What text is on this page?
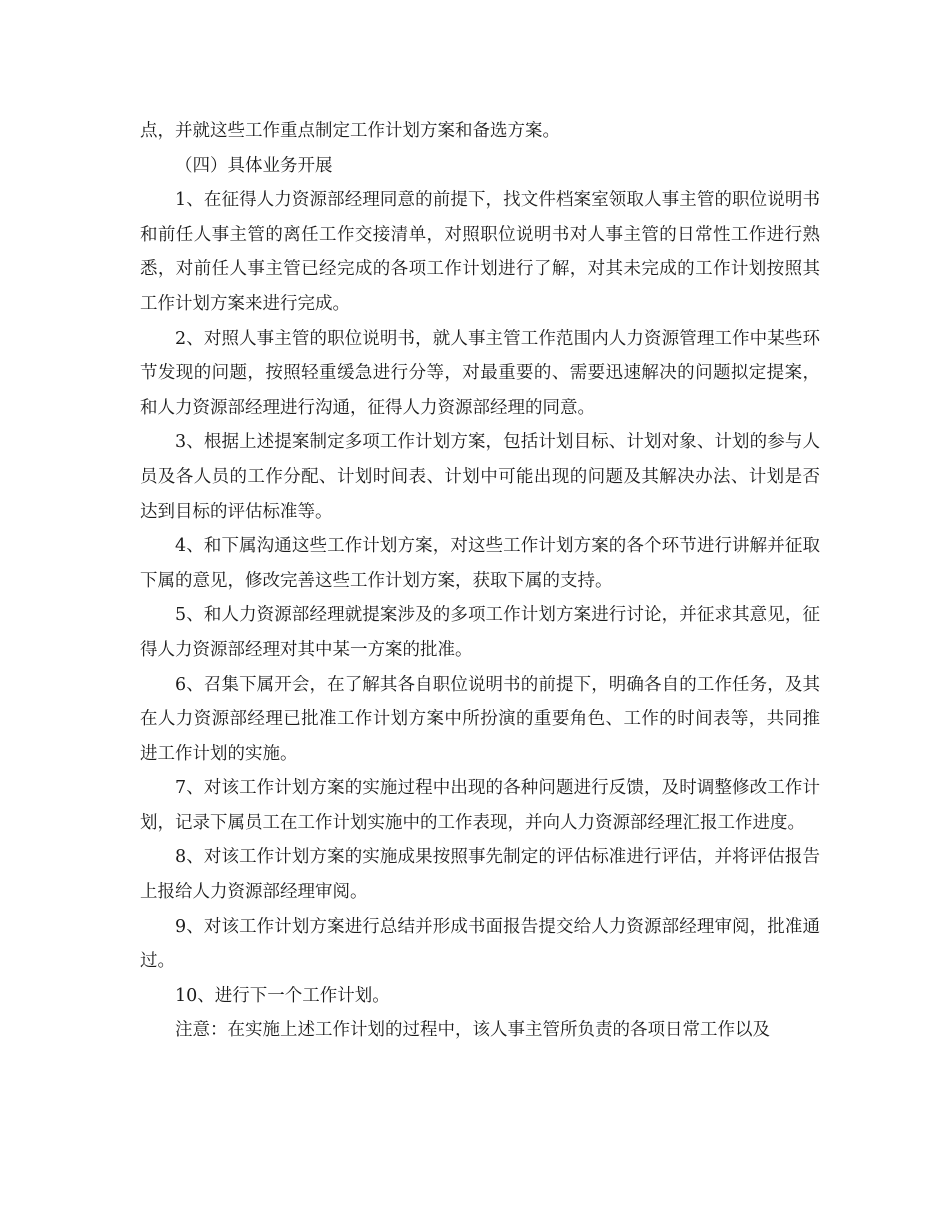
点，并就这些工作重点制定工作计划方案和备选方案。

（四）具体业务开展

1、在征得人力资源部经理同意的前提下，找文件档案室领取人事主管的职位说明书和前任人事主管的离任工作交接清单，对照职位说明书对人事主管的日常性工作进行熟悉，对前任人事主管已经完成的各项工作计划进行了解，对其未完成的工作计划按照其工作计划方案来进行完成。

2、对照人事主管的职位说明书，就人事主管工作范围内人力资源管理工作中某些环节发现的问题，按照轻重缓急进行分等，对最重要的、需要迅速解决的问题拟定提案，和人力资源部经理进行沟通，征得人力资源部经理的同意。

3、根据上述提案制定多项工作计划方案，包括计划目标、计划对象、计划的参与人员及各人员的工作分配、计划时间表、计划中可能出现的问题及其解决办法、计划是否达到目标的评估标准等。

4、和下属沟通这些工作计划方案，对这些工作计划方案的各个环节进行讲解并征取下属的意见，修改完善这些工作计划方案，获取下属的支持。

5、和人力资源部经理就提案涉及的多项工作计划方案进行讨论，并征求其意见，征得人力资源部经理对其中某一方案的批准。

6、召集下属开会，在了解其各自职位说明书的前提下，明确各自的工作任务，及其在人力资源部经理已批准工作计划方案中所扮演的重要角色、工作的时间表等，共同推进工作计划的实施。

7、对该工作计划方案的实施过程中出现的各种问题进行反馈，及时调整修改工作计划，记录下属员工在工作计划实施中的工作表现，并向人力资源部经理汇报工作进度。

8、对该工作计划方案的实施成果按照事先制定的评估标准进行评估，并将评估报告上报给人力资源部经理审阅。

9、对该工作计划方案进行总结并形成书面报告提交给人力资源部经理审阅，批准通过。

10、进行下一个工作计划。

注意：在实施上述工作计划的过程中，该人事主管所负责的各项日常工作以及
